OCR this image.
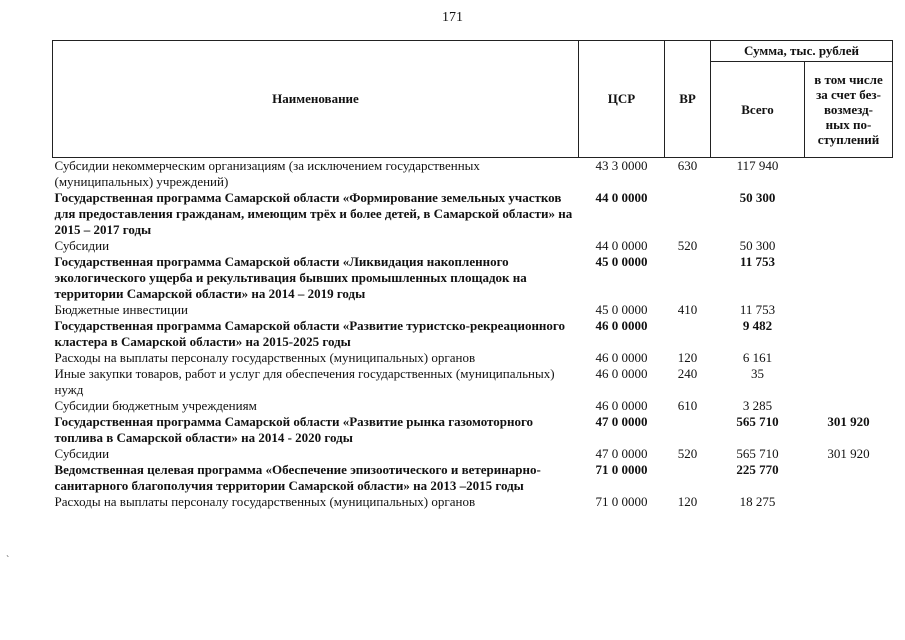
171
Наименование	ЦСР	ВР	Сумма, тыс. рублей	
			Всего	в том числе
за счет без-
возмезд-
ных по-
ступлений
Субсидии некоммерческим организациям (за исключением государственных (муниципальных) учреждений)	43 3 0000	630	117 940	
Государственная программа Самарской области «Формирование земельных участков для предоставления гражданам, имеющим трёх и более детей, в Самарской области» на 2015 – 2017 годы	44 0 0000		50 300	
Субсидии	44 0 0000	520	50 300	
Государственная программа Самарской области «Ликвидация накопленного экологического ущерба и рекультивация бывших промышленных площадок на территории Самарской области» на 2014 – 2019 годы	45 0 0000		11 753	
Бюджетные инвестиции	45 0 0000	410	11 753	
Государственная программа Самарской области «Развитие туристско-рекреационного кластера в Самарской области» на 2015-2025 годы	46 0 0000		9 482	
Расходы на выплаты персоналу государственных (муниципальных) органов	46 0 0000	120	6 161	
Иные закупки товаров, работ и услуг для обеспечения государственных (муниципальных) нужд	46 0 0000	240	35	
Субсидии бюджетным учреждениям	46 0 0000	610	3 285	
Государственная программа Самарской области «Развитие рынка газомоторного топлива в Самарской области» на 2014 - 2020 годы	47 0 0000		565 710	301 920
Субсидии	47 0 0000	520	565 710	301 920
Ведомственная целевая программа «Обеспечение эпизоотического и ветеринарно-санитарного благополучия территории Самарской области» на 2013 –2015 годы	71 0 0000		225 770	
Расходы на выплаты персоналу государственных (муниципальных) органов	71 0 0000	120	18 275	
`
